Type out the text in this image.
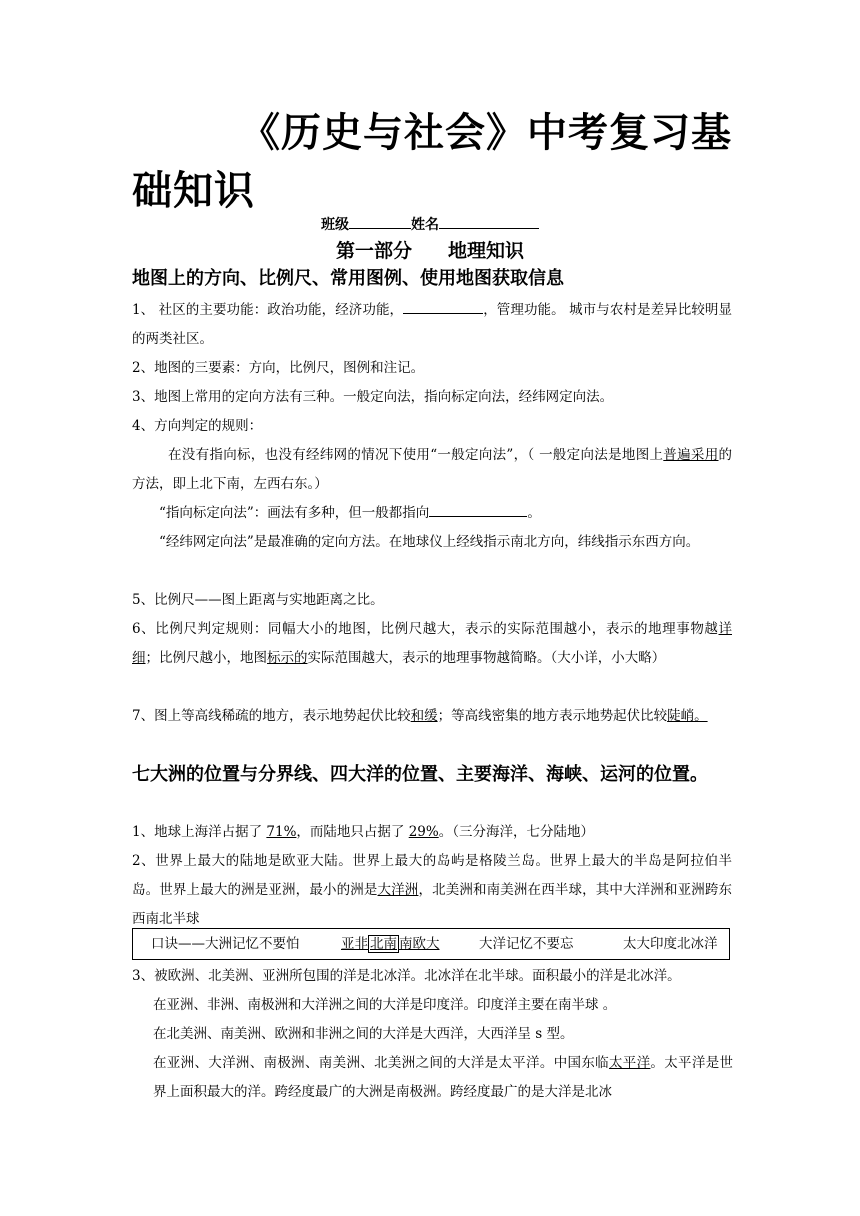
《历史与社会》中考复习基础知识
班级	姓名
第一部分 地理知识
地图上的方向、比例尺、常用图例、使用地图获取信息
1、 社区的主要功能：政治功能，经济功能，	，管理功能。 城市与农村是差异比较明显的两类社区。
2、地图的三要素：方向，比例尺，图例和注记。
3、地图上常用的定向方法有三种。一般定向法，指向标定向法，经纬网定向法。
4、方向判定的规则：
在没有指向标，也没有经纬网的情况下使用“一般定向法”，（ 一般定向法是地图上普遍采用的方法，即上北下南，左西右东。）
“指向标定向法”：画法有多种，但一般都指向	。
“经纬网定向法”是最准确的定向方法。在地球仪上经线指示南北方向，纬线指示东西方向。
5、比例尺——图上距离与实地距离之比。
6、比例尺判定规则：同幅大小的地图，比例尺越大，表示的实际范围越小，表示的地理事物越详细；比例尺越小，地图标示的实际范围越大，表示的地理事物越简略。（大小详，小大略）
7、图上等高线稀疏的地方，表示地势起伏比较和缓；等高线密集的地方表示地势起伏比较陡峭。
七大洲的位置与分界线、四大洋的位置、主要海洋、海峡、运河的位置。
1、地球上海洋占据了 71%，而陆地只占据了 29%。（三分海洋，七分陆地）
2、世界上最大的陆地是欧亚大陆。世界上最大的岛屿是格陵兰岛。世界上最大的半岛是阿拉伯半岛。世界上最大的洲是亚洲，最小的洲是大洋洲，北美洲和南美洲在西半球，其中大洋洲和亚洲跨东西南北半球
口诀——大洲记忆不要怕	亚非 北南 南欧大	大洋记忆不要忘	太大印度北冰洋
3、被欧洲、北美洲、亚洲所包围的洋是北冰洋。北冰洋在北半球。面积最小的洋是北冰洋。
在亚洲、非洲、南极洲和大洋洲之间的大洋是印度洋。印度洋主要在南半球 。
在北美洲、南美洲、欧洲和非洲之间的大洋是大西洋，大西洋呈 s 型。
在亚洲、大洋洲、南极洲、南美洲、北美洲之间的大洋是太平洋。中国东临太平洋。太平洋是世界上面积最大的洋。跨经度最广的大洲是南极洲。跨经度最广的是大洋是北冰
